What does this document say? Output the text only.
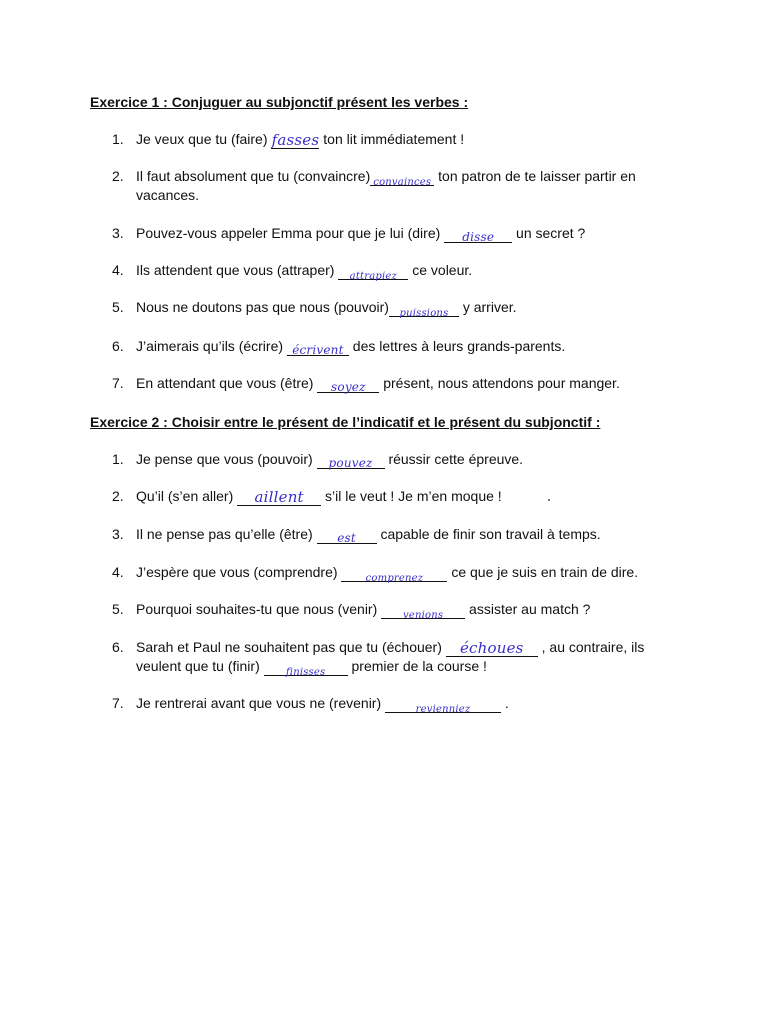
Exercice 1 : Conjuguer au subjonctif présent les verbes :
1. Je veux que tu (faire) fasses ton lit immédiatement !
2. Il faut absolument que tu (convaincre) $_{convainces}$ ton patron de te laisser partir en vacances.
3. Pouvez-vous appeler Emma pour que je lui (dire) disse un secret ?
4. Ils attendent que vous (attraper) $_{attrapiez}$ ce voleur.
5. Nous ne doutons pas que nous (pouvoir) $_{puissions}$ y arriver.
6. J’aimerais qu’ils (écrire) écrivent des lettres à leurs grands-parents.
7. En attendant que vous (être) soyez présent, nous attendons pour manger.
Exercice 2 : Choisir entre le présent de l’indicatif et le présent du subjonctif :
1. Je pense que vous (pouvoir) pouvez réussir cette épreuve.
2. Qu’il (s’en aller) aillent s’il le veut ! Je m’en moque !
3. Il ne pense pas qu’elle (être) est capable de finir son travail à temps.
4. J’espère que vous (comprendre) $_{comprenez}$ ce que je suis en train de dire.
5. Pourquoi souhaites-tu que nous (venir) $_{venions}$ assister au match ?
6. Sarah et Paul ne souhaitent pas que tu (échouer) échoues , au contraire, ils veulent que tu (finir) $_{finisses}$ premier de la course !
7. Je rentrerai avant que vous ne (revenir)	$_{revienniez}$ .
